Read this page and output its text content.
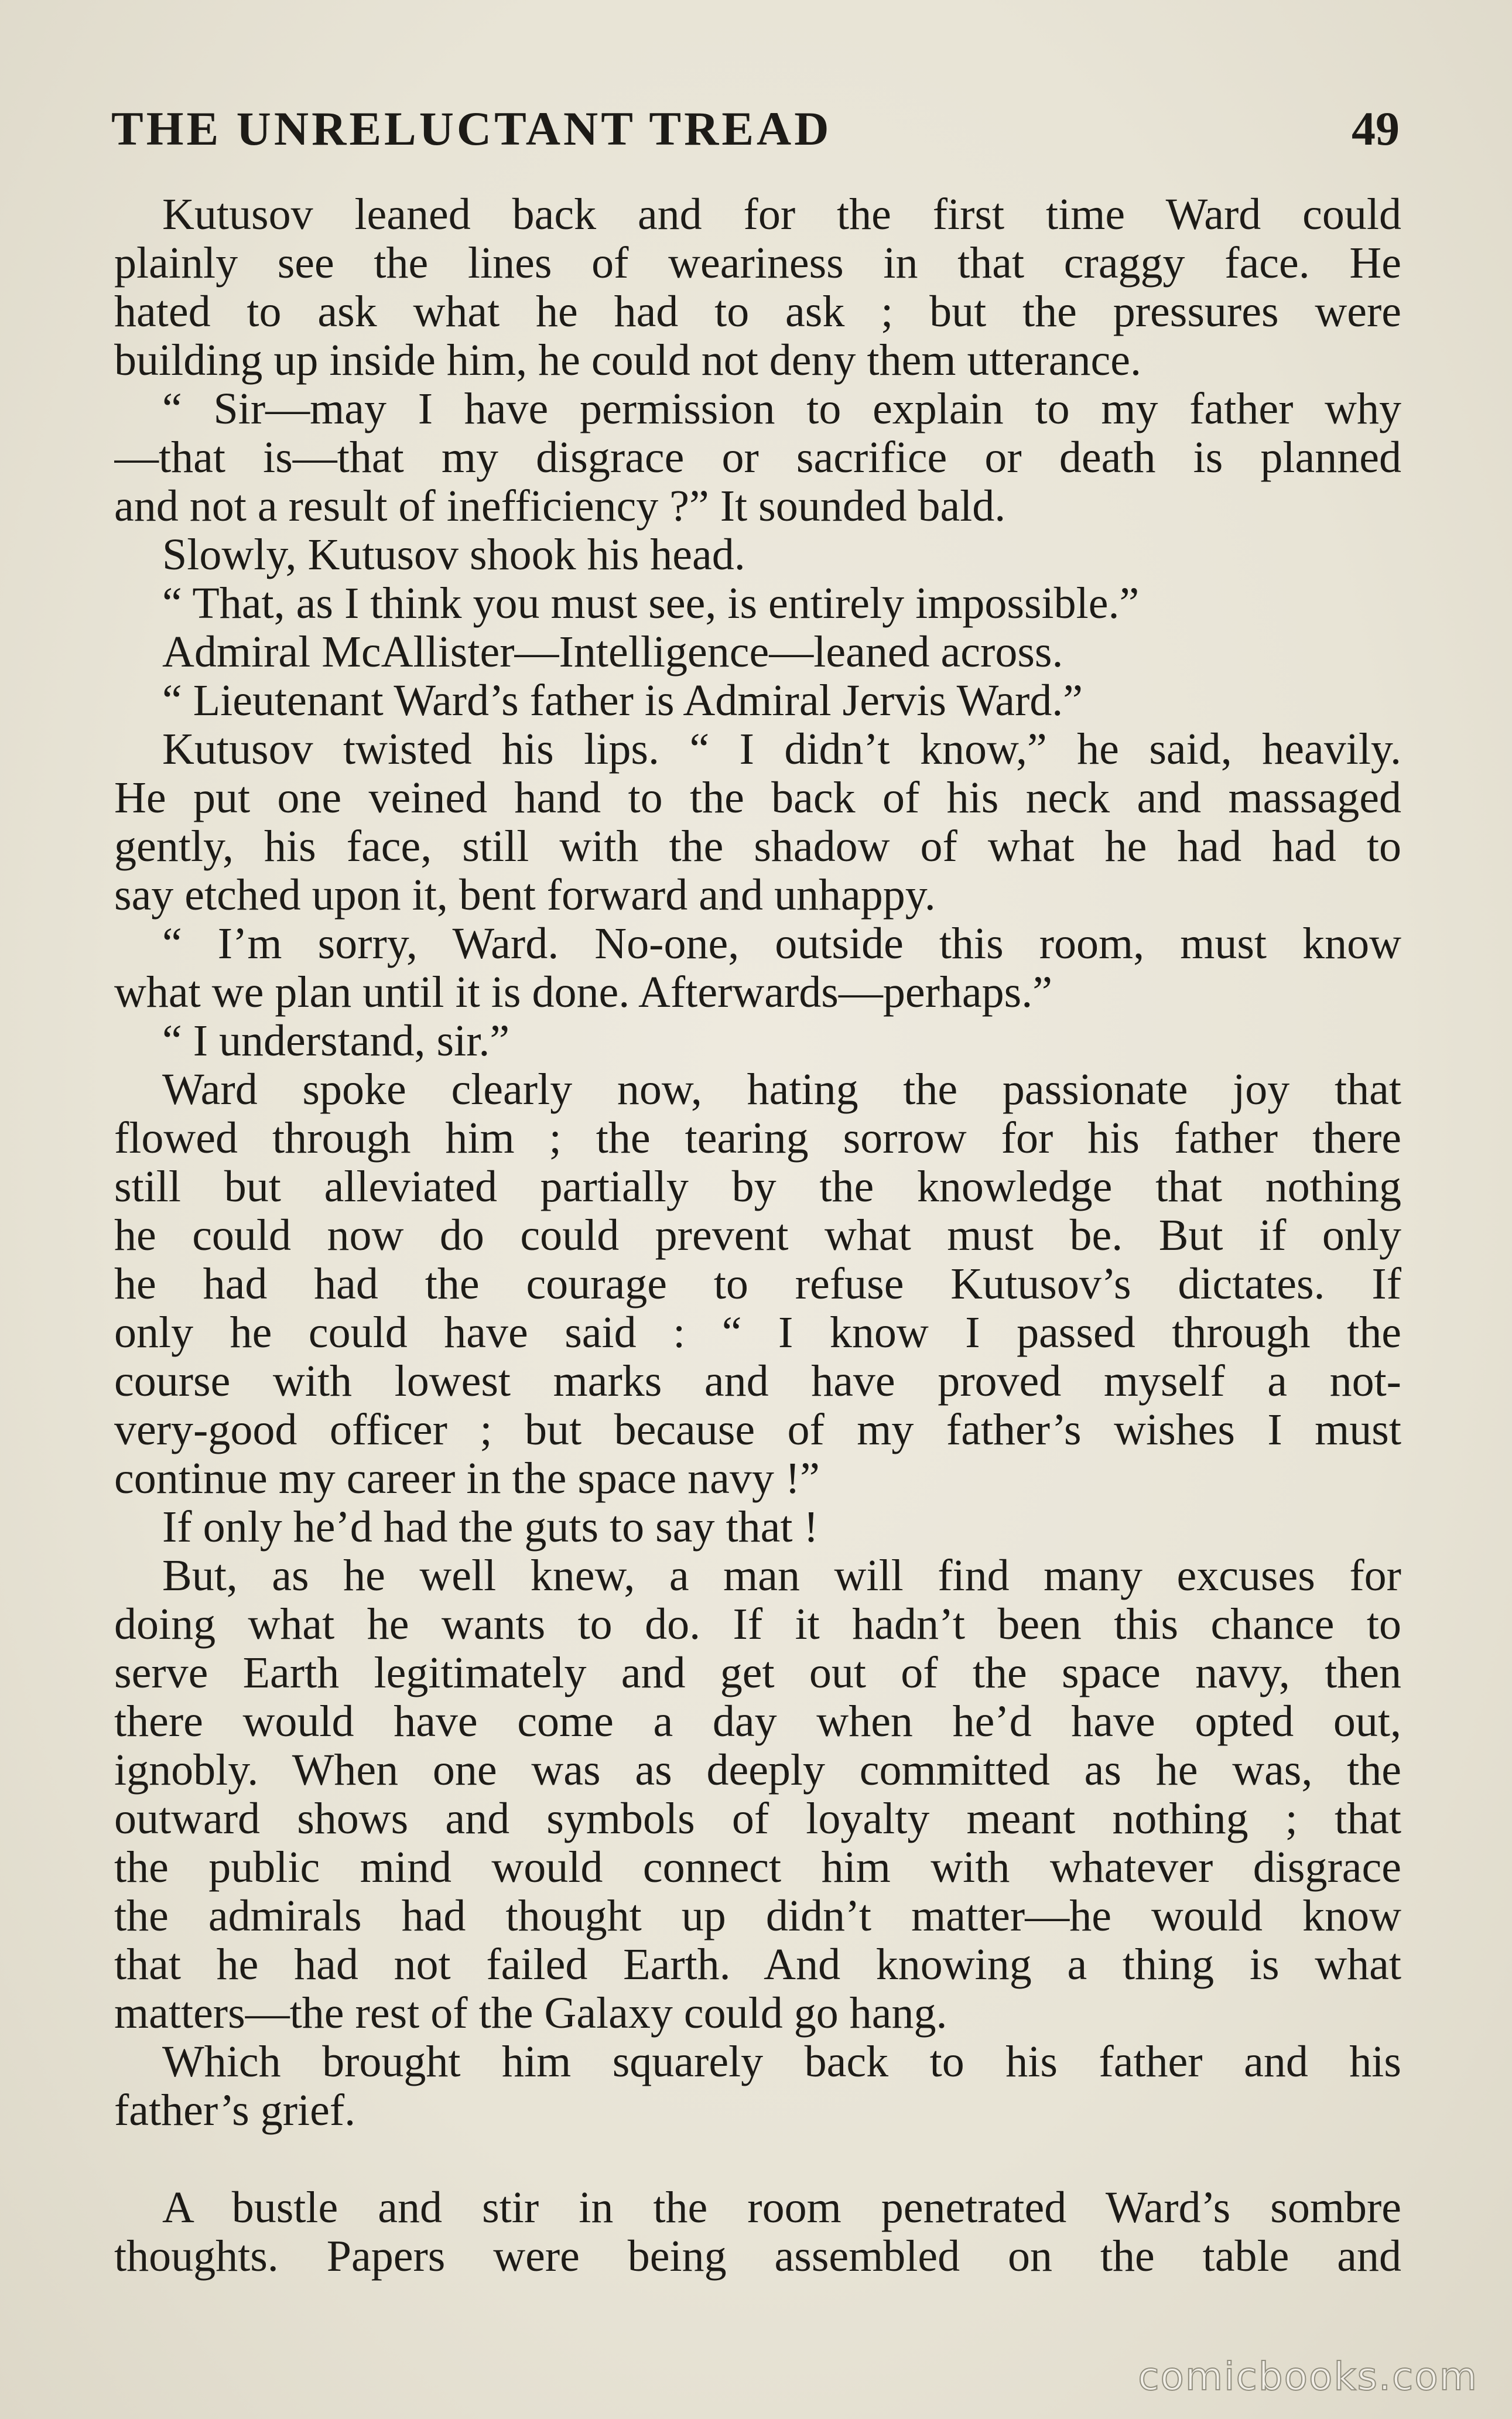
THE UNRELUCTANT TREAD	49
Kutusov leaned back and for the first time Ward could
plainly see the lines of weariness in that craggy face. He
hated to ask what he had to ask ; but the pressures were
building up inside him, he could not deny them utterance.
“ Sir—may I have permission to explain to my father why
—that is—that my disgrace or sacrifice or death is planned
and not a result of inefficiency ?” It sounded bald.
Slowly, Kutusov shook his head.
“ That, as I think you must see, is entirely impossible.”
Admiral McAllister—Intelligence—leaned across.
“ Lieutenant Ward’s father is Admiral Jervis Ward.”
Kutusov twisted his lips. “ I didn’t know,” he said, heavily.
He put one veined hand to the back of his neck and massaged
gently, his face, still with the shadow of what he had had to
say etched upon it, bent forward and unhappy.
“ I’m sorry, Ward. No-one, outside this room, must know
what we plan until it is done. Afterwards—perhaps.”
“ I understand, sir.”
Ward spoke clearly now, hating the passionate joy that
flowed through him ; the tearing sorrow for his father there
still but alleviated partially by the knowledge that nothing
he could now do could prevent what must be. But if only
he had had the courage to refuse Kutusov’s dictates. If
only he could have said : “ I know I passed through the
course with lowest marks and have proved myself a not-
very-good officer ; but because of my father’s wishes I must
continue my career in the space navy !”
If only he’d had the guts to say that !
But, as he well knew, a man will find many excuses for
doing what he wants to do. If it hadn’t been this chance to
serve Earth legitimately and get out of the space navy, then
there would have come a day when he’d have opted out,
ignobly. When one was as deeply committed as he was, the
outward shows and symbols of loyalty meant nothing ; that
the public mind would connect him with whatever disgrace
the admirals had thought up didn’t matter—he would know
that he had not failed Earth. And knowing a thing is what
matters—the rest of the Galaxy could go hang.
Which brought him squarely back to his father and his
father’s grief.
A bustle and stir in the room penetrated Ward’s sombre
thoughts. Papers were being assembled on the table and
comicbooks.com
